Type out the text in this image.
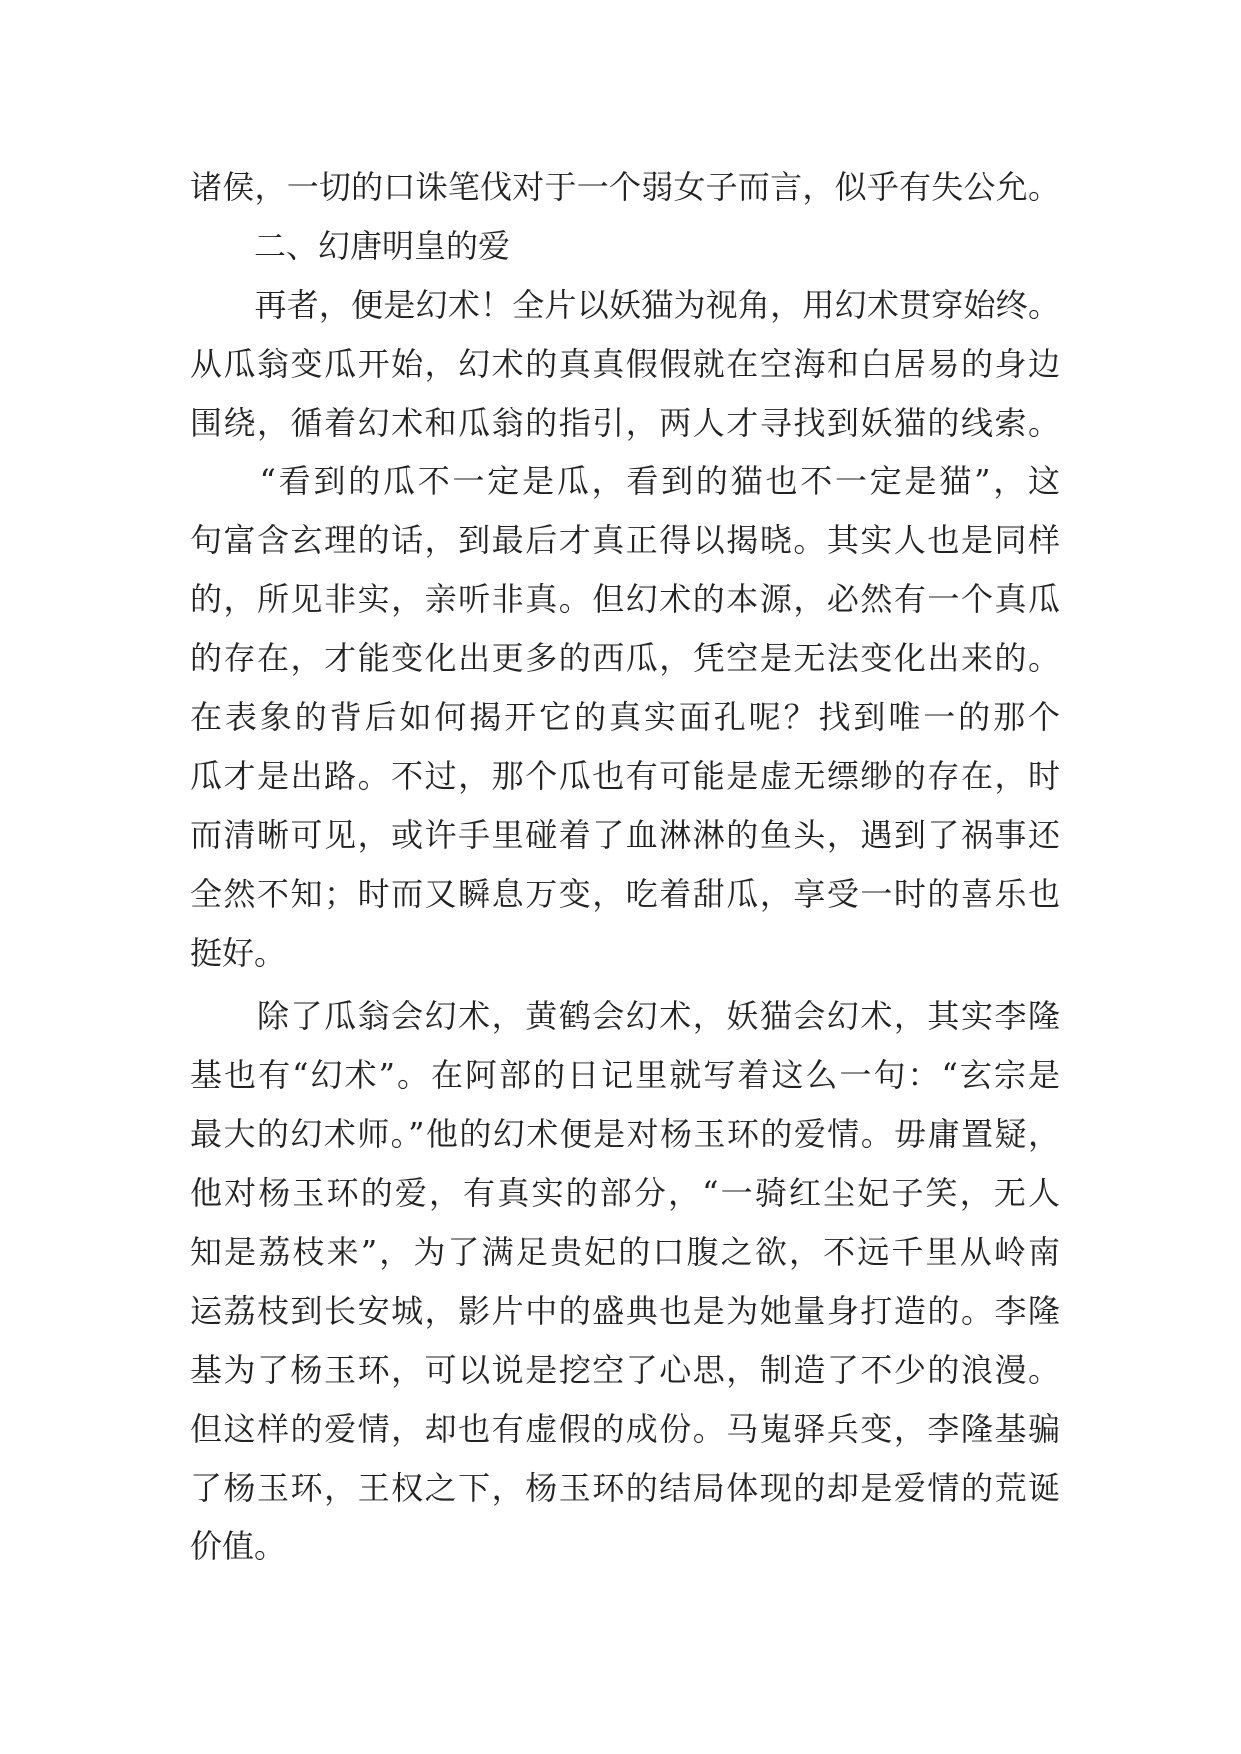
诸侯，一切的口诛笔伐对于一个弱女子而言，似乎有失公允。
　　二、幻唐明皇的爱
　　再者，便是幻术！全片以妖猫为视角，用幻术贯穿始终。
从瓜翁变瓜开始，幻术的真真假假就在空海和白居易的身边
围绕，循着幻术和瓜翁的指引，两人才寻找到妖猫的线索。
　　“看到的瓜不一定是瓜，看到的猫也不一定是猫”，这
句富含玄理的话，到最后才真正得以揭晓。其实人也是同样
的，所见非实，亲听非真。但幻术的本源，必然有一个真瓜
的存在，才能变化出更多的西瓜，凭空是无法变化出来的。
在表象的背后如何揭开它的真实面孔呢？找到唯一的那个
瓜才是出路。不过，那个瓜也有可能是虚无缥缈的存在，时
而清晰可见，或许手里碰着了血淋淋的鱼头，遇到了祸事还
全然不知；时而又瞬息万变，吃着甜瓜，享受一时的喜乐也
挺好。
　　除了瓜翁会幻术，黄鹤会幻术，妖猫会幻术，其实李隆
基也有“幻术”。在阿部的日记里就写着这么一句：“玄宗是
最大的幻术师。”他的幻术便是对杨玉环的爱情。毋庸置疑，
他对杨玉环的爱，有真实的部分，“一骑红尘妃子笑，无人
知是荔枝来”，为了满足贵妃的口腹之欲，不远千里从岭南
运荔枝到长安城，影片中的盛典也是为她量身打造的。李隆
基为了杨玉环，可以说是挖空了心思，制造了不少的浪漫。
但这样的爱情，却也有虚假的成份。马嵬驿兵变，李隆基骗
了杨玉环，王权之下，杨玉环的结局体现的却是爱情的荒诞
价值。
